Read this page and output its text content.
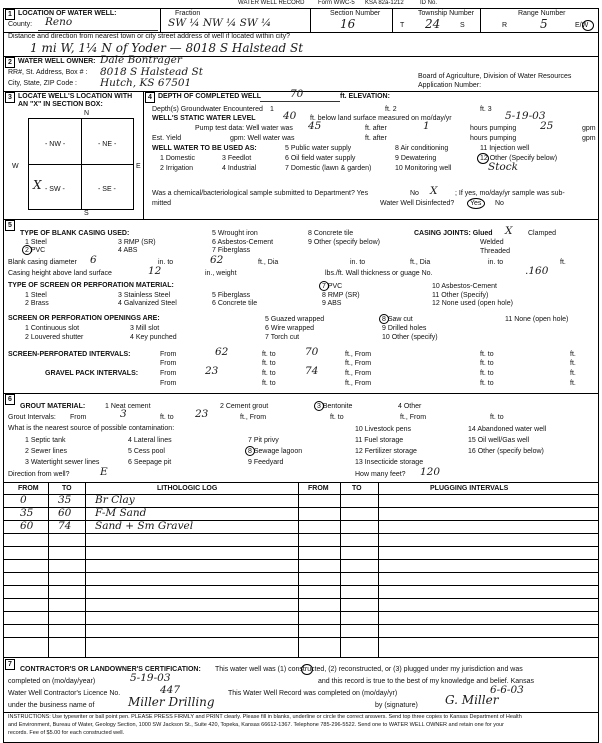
WATER WELL RECORD Form WWC-5 KSA 82a-1212	ID No.
1 LOCATION OF WATER WELL:
County: Reno
Fraction
SW ¼ NW ¼ SW ¼
Section Number
16
Township Number
T 24	S
Range Number
R	5	E/W
Distance and direction from nearest town or city street address of well if located within city?
1 mi W, 1¼ N of Yoder — 8018 S Halstead St
2 WATER WELL OWNER: Dale Bontrager
RR#, St. Address, Box # : 8018 S Halstead St
City, State, ZIP Code : Hutch, KS 67501
Board of Agriculture, Division of Water Resources
Application Number:
3 LOCATE WELL'S LOCATION WITH
AN "X" IN SECTION BOX:
N
S
W	E
- NW -	- NE -
- SW -	- SE -
X
4 DEPTH OF COMPLETED WELL	70	ft. ELEVATION:
Depth(s) Groundwater Encountered 1	ft. 2	ft. 3
WELL'S STATIC WATER LEVEL	40 ft. below land surface measured on mo/day/yr	5-19-03
Pump test data: Well water was 45	ft. after	1	hours pumping 25	gpm
Est. Yield	gpm: Well water was	ft. after	hours pumping	gpm
WELL WATER TO BE USED AS:
1 Domestic	3 Feedlot
5 Public water supply	8 Air conditioning	11 Injection well
2 Irrigation	4 Industrial
6 Oil field water supply	9 Dewatering	12 Other (Specify below)
7 Domestic (lawn & garden)	10 Monitoring well	Stock
Was a chemical/bacteriological sample submitted to Department? Yes	No X	; If yes, mo/day/yr sample was sub-
mitted	Water Well Disinfected? Yes No
5
TYPE OF BLANK CASING USED:
1 Steel
2 PVC
3 RMP (SR)
4 ABS
5 Wrought iron
6 Asbestos-Cement
7 Fiberglass
8 Concrete tile
9 Other (specify below)
CASING JOINTS: Glued X Clamped
Welded
Threaded
Blank casing diameter 6	in. to	62	ft., Dia	in. to	ft., Dia	in. to	ft.
Casing height above land surface	12	in., weight	lbs./ft. Wall thickness or guage No.	.160
TYPE OF SCREEN OR PERFORATION MATERIAL:
1 Steel
2 Brass
3 Stainless Steel
4 Galvanized Steel
5 Fiberglass
6 Concrete tile
7 PVC
8 RMP (SR)
9 ABS
10 Asbestos-Cement
11 Other (Specify)
12 None used (open hole)
SCREEN OR PERFORATION OPENINGS ARE:
1 Continuous slot
2 Louvered shutter
3 Mill slot
4 Key punched
5 Guazed wrapped
6 Wire wrapped
7 Torch cut
8 Saw cut
9 Drilled holes
10 Other (specify)
11 None (open hole)
SCREEN-PERFORATED INTERVALS:	From	62	ft. to	70	ft., From	ft. to	ft.
From	ft. to	ft., From	ft. to	ft.
GRAVEL PACK INTERVALS:	From	23	ft. to	74	ft., From	ft. to	ft.
From	ft. to	ft., From	ft. to	ft.
6
GROUT MATERIAL:	1 Neat cement	2 Cement grout	3 Bentonite	4 Other
Grout Intervals: From	3	ft. to 23	ft., From	ft. to	ft., From	ft. to
What is the nearest source of possible contamination:
1 Septic tank
2 Sewer lines
3 Watertight sewer lines
4 Lateral lines
5 Cess pool
6 Seepage pit
7 Pit privy
8 Sewage lagoon
9 Feedyard
10 Livestock pens
11 Fuel storage
12 Fertilizer storage
13 Insecticide storage
14 Abandoned water well
15 Oil well/Gas well
16 Other (specify below)
Direction from well?	E	How many feet? 120
FROM	TO	LITHOLOGIC LOG	FROM	TO	PLUGGING INTERVALS
0	35 Br Clay
35 60 F-M Sand
60 74 Sand + Sm Gravel
7
CONTRACTOR'S OR LANDOWNER'S CERTIFICATION: This water well was (1) constructed, (2) reconstructed, or (3) plugged under my jurisdiction and was
completed on (mo/day/year)	5-19-03	and this record is true to the best of my knowledge and belief. Kansas
Water Well Contractor's Licence No.	447	This Water Well Record was completed on (mo/day/yr)	6-6-03
under the business name of	Miller Drilling	by (signature) G. Miller
INSTRUCTIONS: Use typewriter or ball point pen. PLEASE PRESS FIRMLY and PRINT clearly. Please fill in blanks, underline or circle the correct answers. Send top three copies to Kansas Department of Health
and Environment, Bureau of Water, Geology Section, 1000 SW Jackson St., Suite 420, Topeka, Kansas 66612-1367. Telephone 785-296-5522. Send one to WATER WELL OWNER and retain one for your
records. Fee of $5.00 for each constructed well.
